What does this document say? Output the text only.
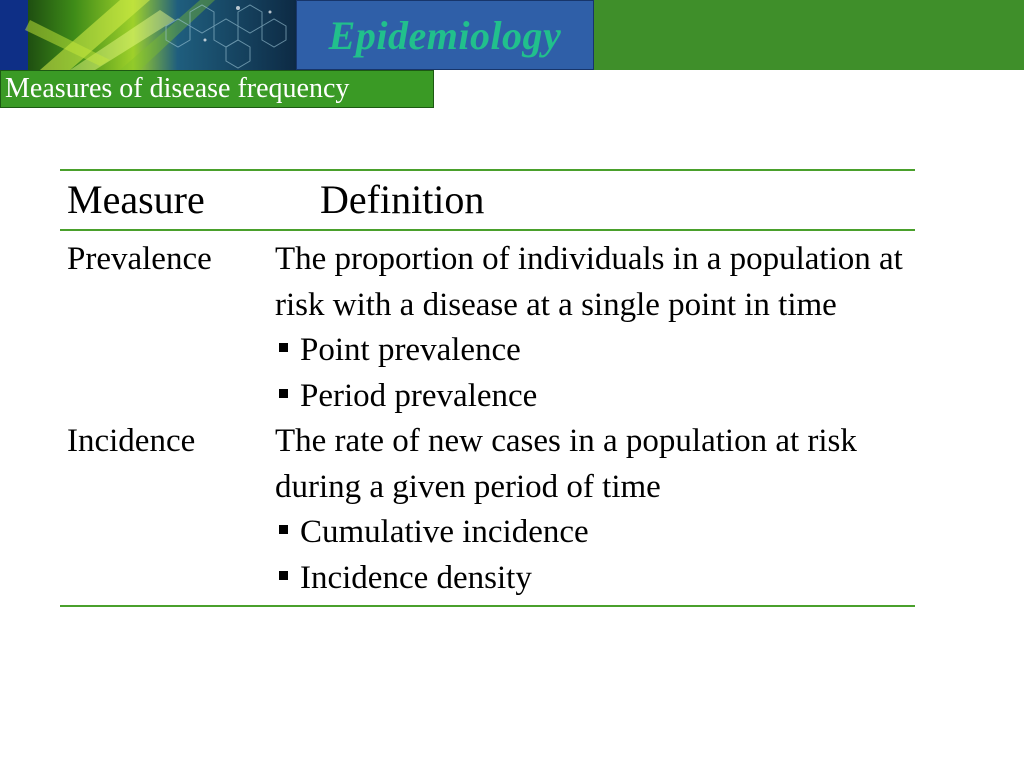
Epidemiology
Measures of disease frequency
Measure	Definition
Prevalence	The proportion of individuals in a population at risk with a disease at a single point in time
Point prevalence
Period prevalence
Incidence	The rate of new cases in a population at risk during a given period of time
Cumulative incidence
Incidence density
